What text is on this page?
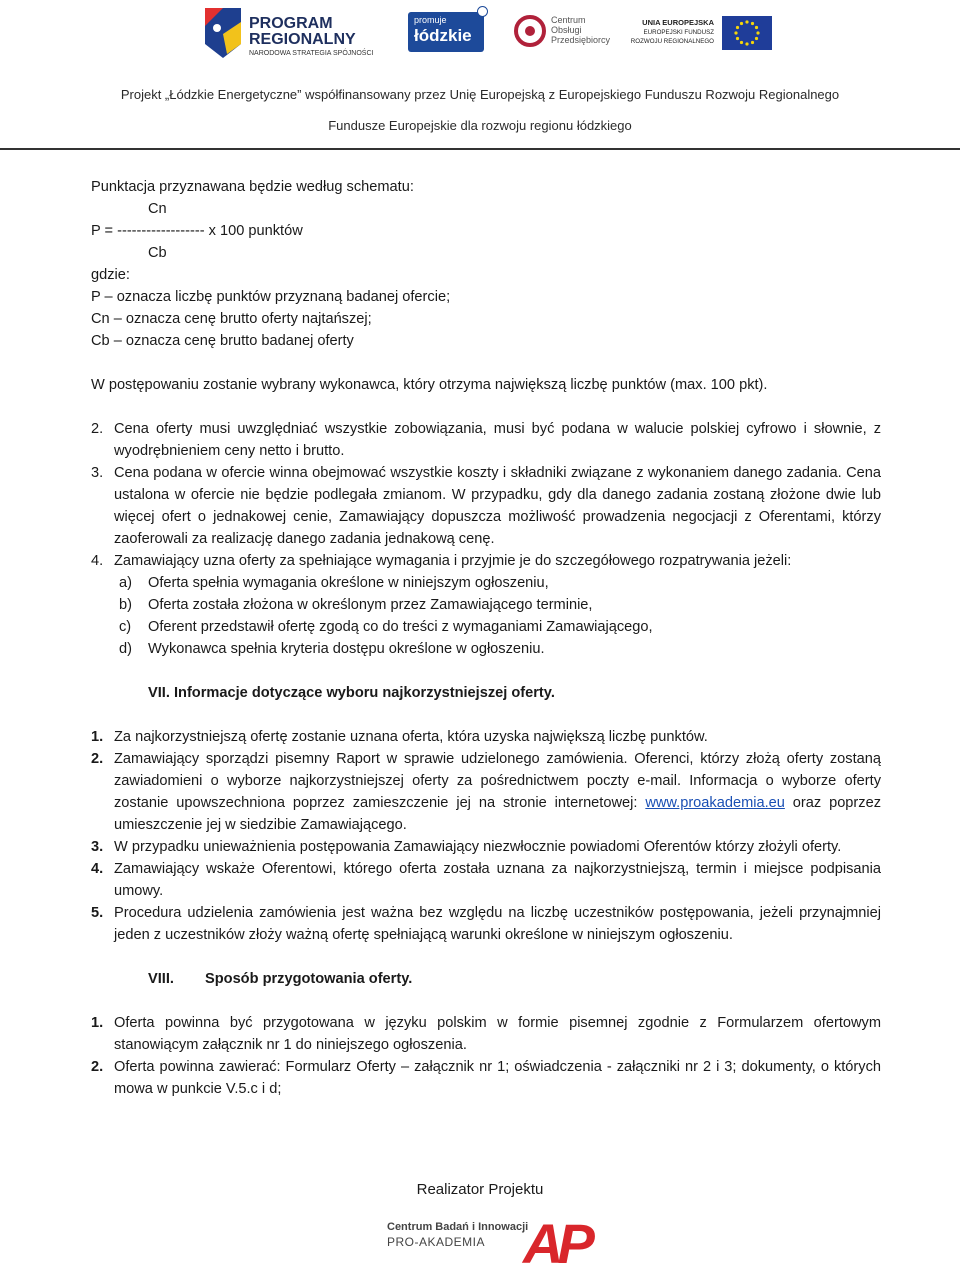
PROGRAM
REGIONALNY
NARODOWA STRATEGIA SPÓJNOŚCI
promuje
łódzkie
Centrum
Obsługi
Przedsiębiorcy
UNIA EUROPEJSKA
EUROPEJSKI FUNDUSZ
ROZWOJU REGIONALNEGO
Projekt „Łódzkie Energetyczne” współfinansowany przez Unię Europejską z Europejskiego Funduszu Rozwoju Regionalnego
Fundusze Europejskie dla rozwoju regionu łódzkiego

Punktacja przyznawana będzie według schematu:

Cn

P = ------------------ x 100 punktów

Cb

gdzie:

P – oznacza liczbę punktów przyznaną badanej ofercie;

Cn – oznacza cenę brutto oferty najtańszej;

Cb – oznacza cenę brutto badanej oferty

W postępowaniu zostanie wybrany wykonawca, który otrzyma największą liczbę punktów (max. 100 pkt).

2. Cena oferty musi uwzględniać wszystkie zobowiązania, musi być podana w walucie polskiej cyfrowo i słownie, z wyodrębnieniem ceny netto i brutto.
3. Cena podana w ofercie winna obejmować wszystkie koszty i składniki związane z wykonaniem danego zadania. Cena ustalona w ofercie nie będzie podlegała zmianom. W przypadku, gdy dla danego zadania zostaną złożone dwie lub więcej ofert o jednakowej cenie, Zamawiający dopuszcza możliwość prowadzenia negocjacji z Oferentami, którzy zaoferowali za realizację danego zadania jednakową cenę.
4. Zamawiający uzna oferty za spełniające wymagania i przyjmie je do szczegółowego rozpatrywania jeżeli:
a)	Oferta spełnia wymagania określone w niniejszym ogłoszeniu,
b)	Oferta została złożona w określonym przez Zamawiającego terminie,
c)	Oferent przedstawił ofertę zgodą co do treści z wymaganiami Zamawiającego,
d)	Wykonawca spełnia kryteria dostępu określone w ogłoszeniu.

VII. Informacje dotyczące wyboru najkorzystniejszej oferty.

1. Za najkorzystniejszą ofertę zostanie uznana oferta, która uzyska największą liczbę punktów.
2. Zamawiający sporządzi pisemny Raport w sprawie udzielonego zamówienia. Oferenci, którzy złożą oferty zostaną zawiadomieni o wyborze najkorzystniejszej oferty za pośrednictwem poczty e-mail. Informacja o wyborze oferty zostanie upowszechniona poprzez zamieszczenie jej na stronie internetowej: www.proakademia.eu oraz poprzez umieszczenie jej w siedzibie Zamawiającego.
3. W przypadku unieważnienia postępowania Zamawiający niezwłocznie powiadomi Oferentów którzy złożyli oferty.
4. Zamawiający wskaże Oferentowi, którego oferta została uznana za najkorzystniejszą, termin i miejsce podpisania umowy.
5. Procedura udzielenia zamówienia jest ważna bez względu na liczbę uczestników postępowania, jeżeli przynajmniej jeden z uczestników złoży ważną ofertę spełniającą warunki określone w niniejszym ogłoszeniu.

VIII. Sposób przygotowania oferty.

1. Oferta powinna być przygotowana w języku polskim w formie pisemnej zgodnie z Formularzem ofertowym stanowiącym załącznik nr 1 do niniejszego ogłoszenia.
2. Oferta powinna zawierać: Formularz Oferty – załącznik nr 1; oświadczenia - załączniki nr 2 i 3; dokumenty, o których mowa w punkcie V.5.c i d;
Realizator Projektu
Centrum Badań i Innowacji
PRO-AKADEMIA AP
